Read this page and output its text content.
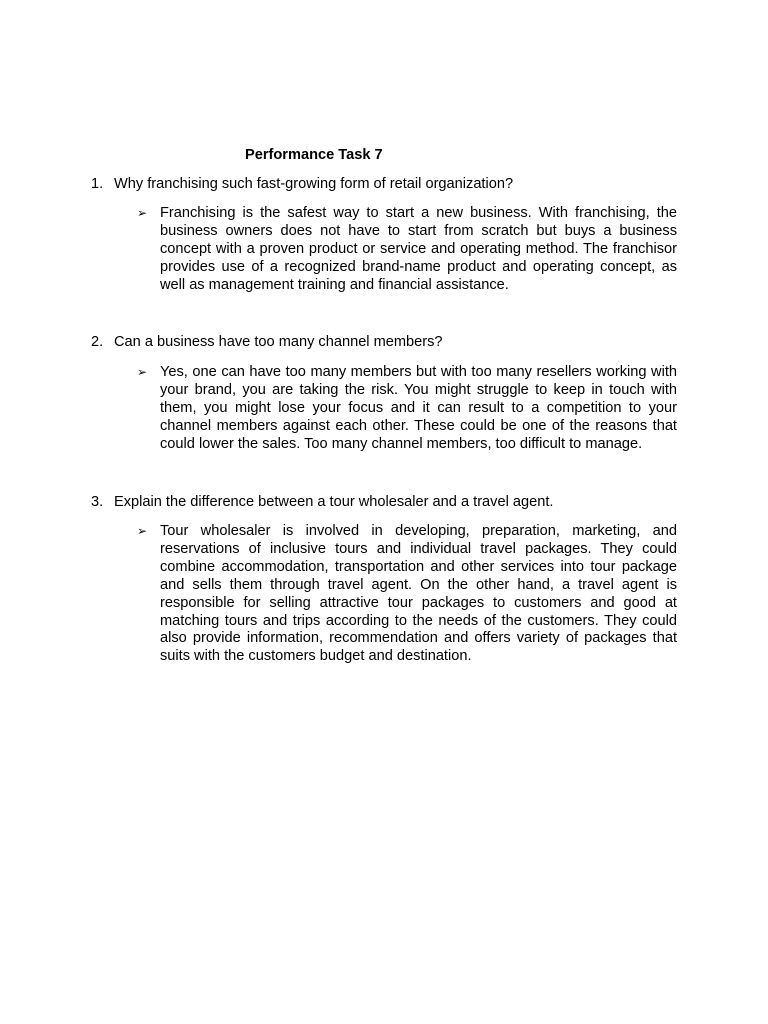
Performance Task 7
1. Why franchising such fast-growing form of retail organization?
➢ Franchising is the safest way to start a new business. With franchising, the business owners does not have to start from scratch but buys a business concept with a proven product or service and operating method. The franchisor provides use of a recognized brand-name product and operating concept, as well as management training and financial assistance.

2. Can a business have too many channel members?
➢ Yes, one can have too many members but with too many resellers working with your brand, you are taking the risk. You might struggle to keep in touch with them, you might lose your focus and it can result to a competition to your channel members against each other. These could be one of the reasons that could lower the sales. Too many channel members, too difficult to manage.

3. Explain the difference between a tour wholesaler and a travel agent.
➢ Tour wholesaler is involved in developing, preparation, marketing, and reservations of inclusive tours and individual travel packages. They could combine accommodation, transportation and other services into tour package and sells them through travel agent. On the other hand, a travel agent is responsible for selling attractive tour packages to customers and good at matching tours and trips according to the needs of the customers. They could also provide information, recommendation and offers variety of packages that suits with the customers budget and destination.
